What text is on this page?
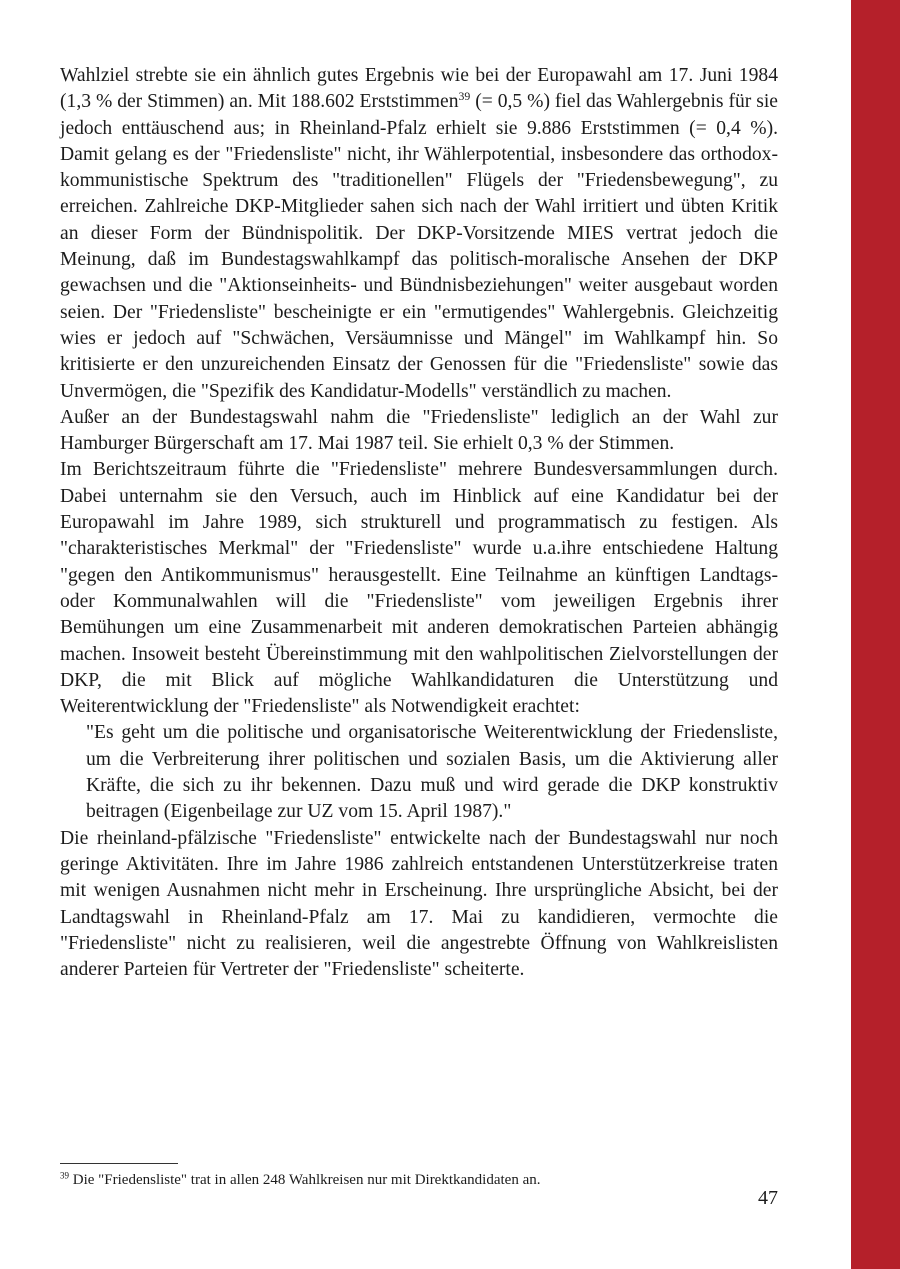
Wahlziel strebte sie ein ähnlich gutes Ergebnis wie bei der Europawahl am 17. Juni 1984 (1,3 % der Stimmen) an. Mit 188.602 Erststimmen$^{39}$ (= 0,5 %) fiel das Wahlergebnis für sie jedoch enttäuschend aus; in Rheinland-Pfalz erhielt sie 9.886 Erststimmen (= 0,4 %). Damit gelang es der "Friedensliste" nicht, ihr Wählerpotential, insbesondere das orthodox-kommunistische Spektrum des "traditionellen" Flügels der "Friedensbewegung", zu erreichen. Zahlreiche DKP-Mitglieder sahen sich nach der Wahl irritiert und übten Kritik an dieser Form der Bündnispolitik. Der DKP-Vorsitzende MIES vertrat jedoch die Meinung, daß im Bundestagswahlkampf das politisch-moralische Ansehen der DKP gewachsen und die "Aktionseinheits- und Bündnisbeziehungen" weiter ausgebaut worden seien. Der "Friedensliste" bescheinigte er ein "ermutigendes" Wahlergebnis. Gleichzeitig wies er jedoch auf "Schwächen, Versäumnisse und Mängel" im Wahlkampf hin. So kritisierte er den unzureichenden Einsatz der Genossen für die "Friedensliste" sowie das Unvermögen, die "Spezifik des Kandidatur-Modells" verständlich zu machen.

Außer an der Bundestagswahl nahm die "Friedensliste" lediglich an der Wahl zur Hamburger Bürgerschaft am 17. Mai 1987 teil. Sie erhielt 0,3 % der Stimmen.

Im Berichtszeitraum führte die "Friedensliste" mehrere Bundesversammlungen durch. Dabei unternahm sie den Versuch, auch im Hinblick auf eine Kandidatur bei der Europawahl im Jahre 1989, sich strukturell und programmatisch zu festigen. Als "charakteristisches Merkmal" der "Friedensliste" wurde u.a.ihre entschiedene Haltung "gegen den Antikommunismus" herausgestellt. Eine Teilnahme an künftigen Landtags- oder Kommunalwahlen will die "Friedensliste" vom jeweiligen Ergebnis ihrer Bemühungen um eine Zusammenarbeit mit anderen demokratischen Parteien abhängig machen. Insoweit besteht Übereinstimmung mit den wahlpolitischen Zielvorstellungen der DKP, die mit Blick auf mögliche Wahlkandidaturen die Unterstützung und Weiterentwicklung der "Friedensliste" als Notwendigkeit erachtet:

"Es geht um die politische und organisatorische Weiterentwicklung der Friedensliste, um die Verbreiterung ihrer politischen und sozialen Basis, um die Aktivierung aller Kräfte, die sich zu ihr bekennen. Dazu muß und wird gerade die DKP konstruktiv beitragen (Eigenbeilage zur UZ vom 15. April 1987)."

Die rheinland-pfälzische "Friedensliste" entwickelte nach der Bundestagswahl nur noch geringe Aktivitäten. Ihre im Jahre 1986 zahlreich entstandenen Unterstützerkreise traten mit wenigen Ausnahmen nicht mehr in Erscheinung. Ihre ursprüngliche Absicht, bei der Landtagswahl in Rheinland-Pfalz am 17. Mai zu kandidieren, vermochte die "Friedensliste" nicht zu realisieren, weil die angestrebte Öffnung von Wahlkreislisten anderer Parteien für Vertreter der "Friedensliste" scheiterte.

$^{39}$ Die "Friedensliste" trat in allen 248 Wahlkreisen nur mit Direktkandidaten an.
47
